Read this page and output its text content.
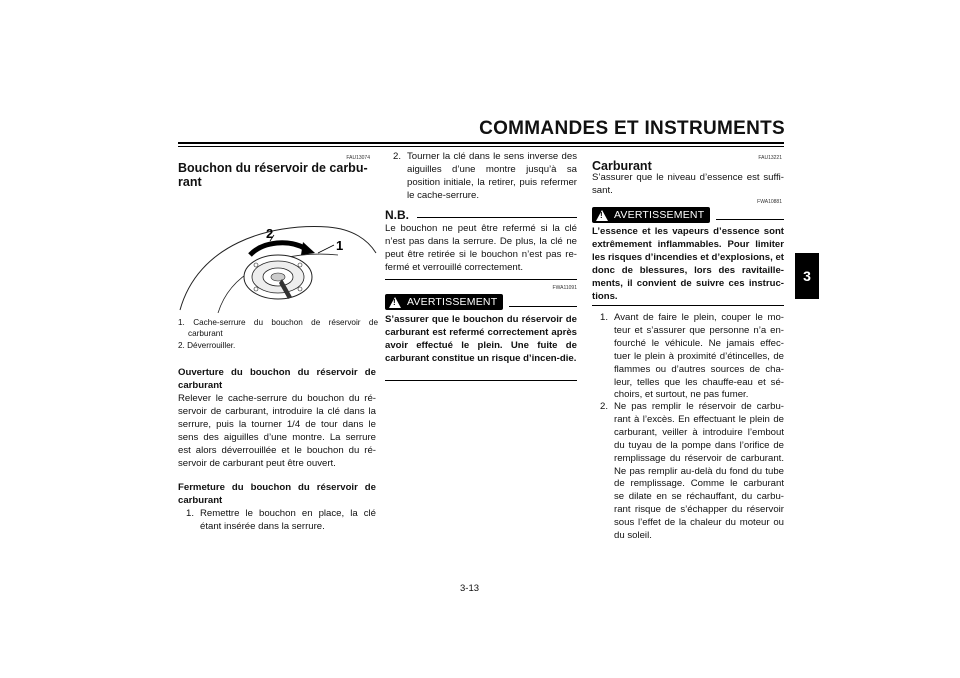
COMMANDES ET INSTRUMENTS
3
FAU13074
Bouchon du réservoir de carbu-
rant
2
1
1. Cache-serrure du bouchon de réservoir de carburant
2. Déverrouiller.
Ouverture du bouchon du réservoir de carburant
Relever le cache-serrure du bouchon du ré-servoir de carburant, introduire la clé dans la serrure, puis la tourner 1/4 de tour dans le sens des aiguilles d’une montre. La serrure est alors déverrouillée et le bouchon du ré-servoir de carburant peut être ouvert.
Fermeture du bouchon du réservoir de carburant
1. Remettre le bouchon en place, la clé étant insérée dans la serrure.
2. Tourner la clé dans le sens inverse des aiguilles d’une montre jusqu’à sa position initiale, la retirer, puis refermer le cache-serrure.
N.B.
Le bouchon ne peut être refermé si la clé n’est pas dans la serrure. De plus, la clé ne peut être retirée si le bouchon n’est pas re-fermé et verrouillé correctement.
FWA11091
! AVERTISSEMENT
S’assurer que le bouchon du réservoir de carburant est refermé correctement après avoir effectué le plein. Une fuite de carburant constitue un risque d’incen-die.
FAU13221
Carburant
S’assurer que le niveau d’essence est suffi-sant.
FWA10881
! AVERTISSEMENT
L’essence et les vapeurs d’essence sont extrêmement inflammables. Pour limiter les risques d’incendies et d’explosions, et donc de blessures, lors des ravitaille-ments, il convient de suivre ces instruc-tions.
1. Avant de faire le plein, couper le mo-teur et s’assurer que personne n’a en-fourché le véhicule. Ne jamais effec-tuer le plein à proximité d’étincelles, de flammes ou d’autres sources de cha-leur, telles que les chauffe-eau et sé-choirs, et surtout, ne pas fumer.
2. Ne pas remplir le réservoir de carbu-rant à l’excès. En effectuant le plein de carburant, veiller à introduire l’embout du tuyau de la pompe dans l’orifice de remplissage du réservoir de carburant. Ne pas remplir au-delà du fond du tube de remplissage. Comme le carburant se dilate en se réchauffant, du carbu-rant risque de s’échapper du réservoir sous l’effet de la chaleur du moteur ou du soleil.
3-13
